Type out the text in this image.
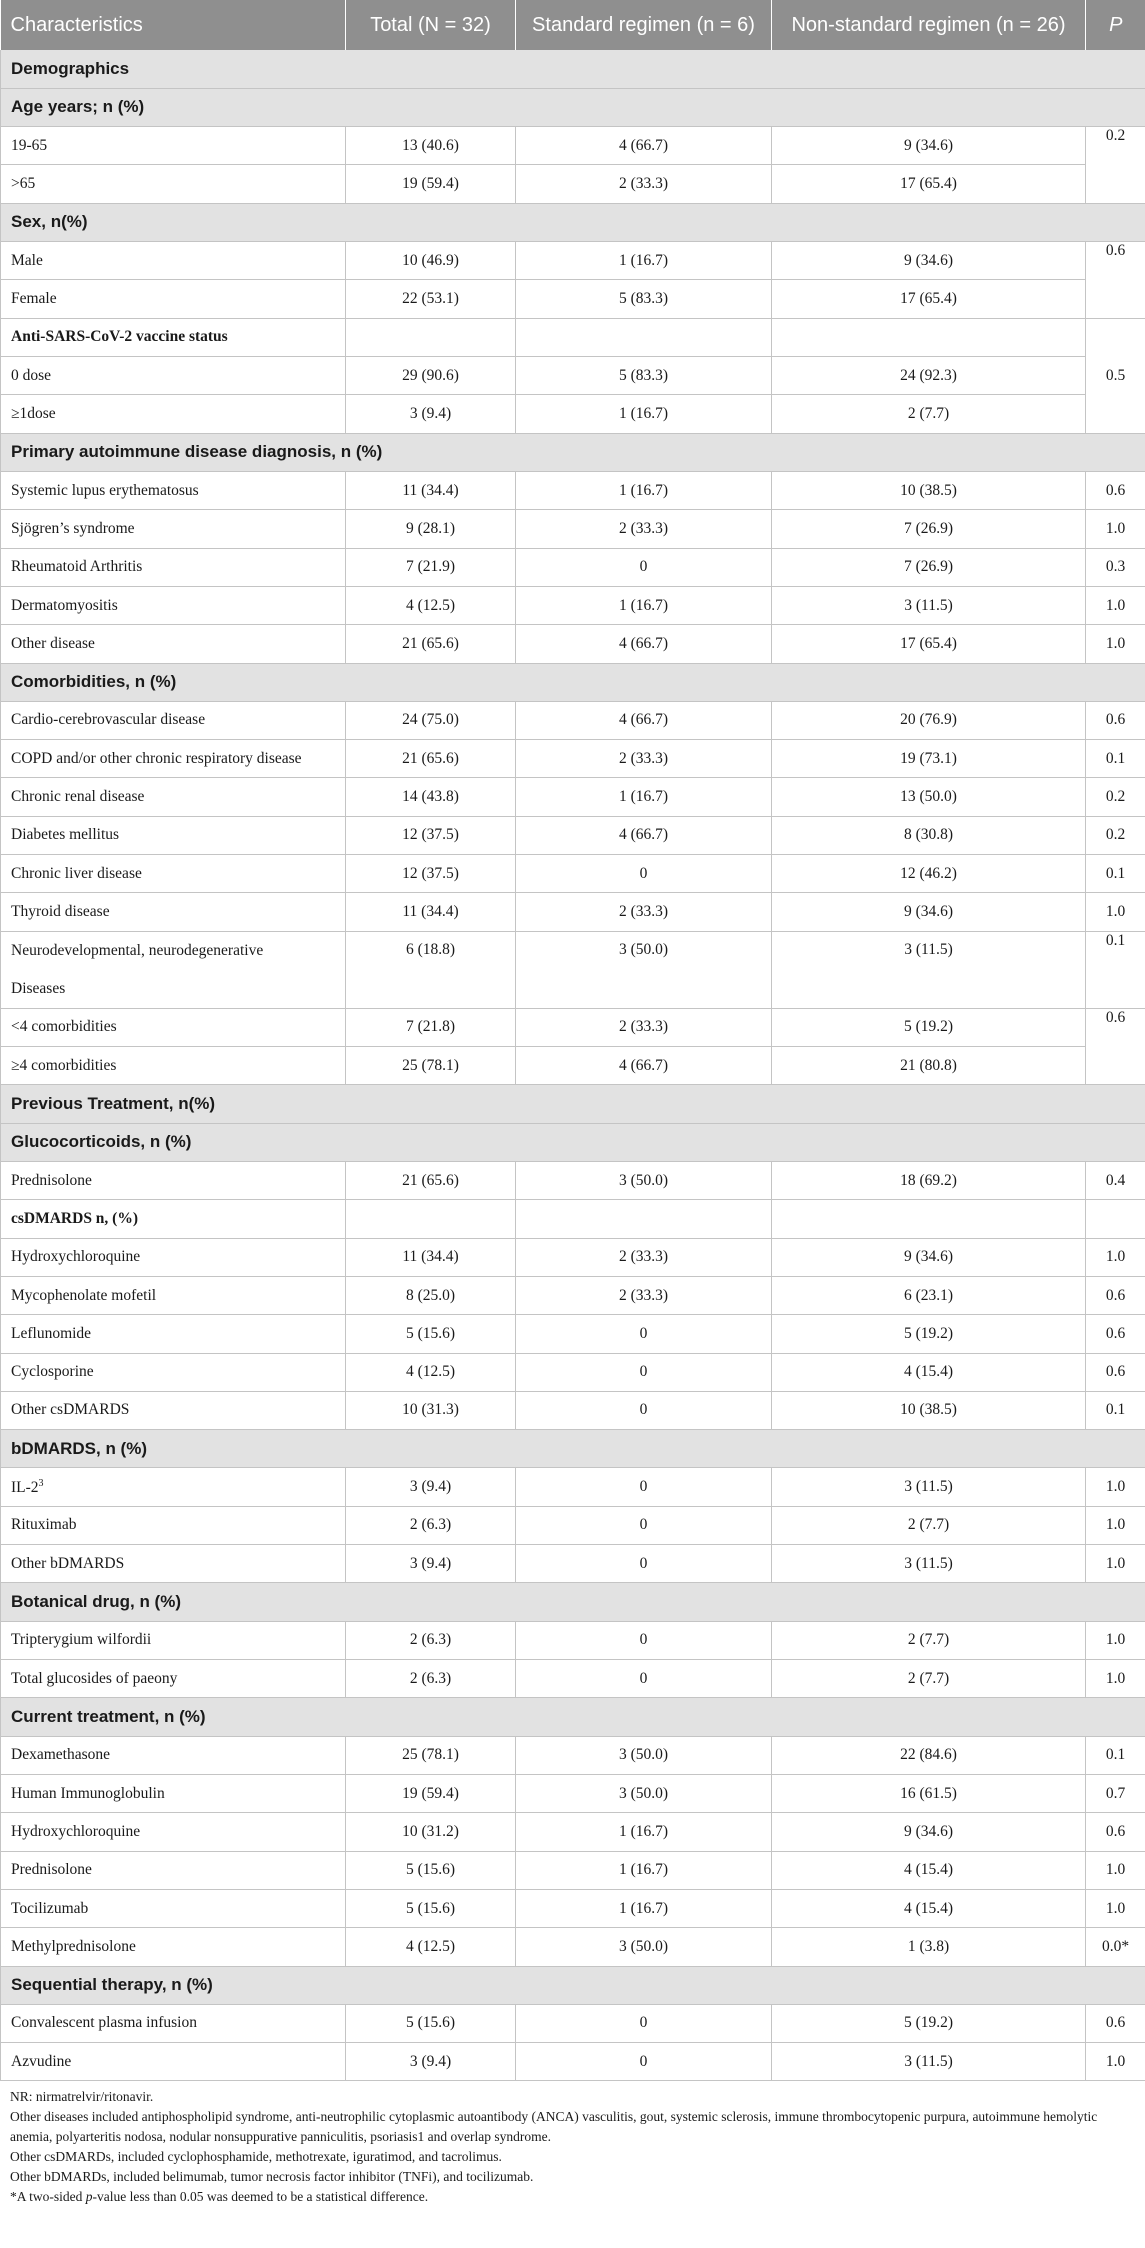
Characteristics	Total (N = 32)	Standard regimen (n = 6)	Non-standard regimen (n = 26)	P
Demographics				
Age years; n (%)				
19-65	13 (40.6)	4 (66.7)	9 (34.6)	0.2
>65	19 (59.4)	2 (33.3)	17 (65.4)	
Sex, n(%)				
Male	10 (46.9)	1 (16.7)	9 (34.6)	0.6
Female	22 (53.1)	5 (83.3)	17 (65.4)	
Anti-SARS-CoV-2 vaccine status				0.5
0 dose	29 (90.6)	5 (83.3)	24 (92.3)	
≥1dose	3 (9.4)	1 (16.7)	2 (7.7)	
Primary autoimmune disease diagnosis, n (%)				
Systemic lupus erythematosus	11 (34.4)	1 (16.7)	10 (38.5)	0.6
Sjögren’s syndrome	9 (28.1)	2 (33.3)	7 (26.9)	1.0
Rheumatoid Arthritis	7 (21.9)	0	7 (26.9)	0.3
Dermatomyositis	4 (12.5)	1 (16.7)	3 (11.5)	1.0
Other disease	21 (65.6)	4 (66.7)	17 (65.4)	1.0
Comorbidities, n (%)				
Cardio-cerebrovascular disease	24 (75.0)	4 (66.7)	20 (76.9)	0.6
COPD and/or other chronic respiratory disease	21 (65.6)	2 (33.3)	19 (73.1)	0.1
Chronic renal disease	14 (43.8)	1 (16.7)	13 (50.0)	0.2
Diabetes mellitus	12 (37.5)	4 (66.7)	8 (30.8)	0.2
Chronic liver disease	12 (37.5)	0	12 (46.2)	0.1
Thyroid disease	11 (34.4)	2 (33.3)	9 (34.6)	1.0

Neurodevelopmental, neurodegenerative
Diseases	6 (18.8)	3 (50.0)	3 (11.5)	0.1
<4 comorbidities	7 (21.8)	2 (33.3)	5 (19.2)	0.6
≥4 comorbidities	25 (78.1)	4 (66.7)	21 (80.8)	
Previous Treatment, n(%)				
Glucocorticoids, n (%)				
Prednisolone	21 (65.6)	3 (50.0)	18 (69.2)	0.4
csDMARDS n, (%)				
Hydroxychloroquine	11 (34.4)	2 (33.3)	9 (34.6)	1.0
Mycophenolate mofetil	8 (25.0)	2 (33.3)	6 (23.1)	0.6
Leflunomide	5 (15.6)	0	5 (19.2)	0.6
Cyclosporine	4 (12.5)	0	4 (15.4)	0.6
Other csDMARDS	10 (31.3)	0	10 (38.5)	0.1
bDMARDS, n (%)				
$IL-2^3$	3 (9.4)	0	3 (11.5)	1.0
Rituximab	2 (6.3)	0	2 (7.7)	1.0
Other bDMARDS	3 (9.4)	0	3 (11.5)	1.0
Botanical drug, n (%)				
Tripterygium wilfordii	2 (6.3)	0	2 (7.7)	1.0
Total glucosides of paeony	2 (6.3)	0	2 (7.7)	1.0
Current treatment, n (%)				
Dexamethasone	25 (78.1)	3 (50.0)	22 (84.6)	0.1
Human Immunoglobulin	19 (59.4)	3 (50.0)	16 (61.5)	0.7
Hydroxychloroquine	10 (31.2)	1 (16.7)	9 (34.6)	0.6
Prednisolone	5 (15.6)	1 (16.7)	4 (15.4)	1.0
Tocilizumab	5 (15.6)	1 (16.7)	4 (15.4)	1.0
Methylprednisolone	4 (12.5)	3 (50.0)	1 (3.8)	0.0*
Sequential therapy, n (%)				
Convalescent plasma infusion	5 (15.6)	0	5 (19.2)	0.6
Azvudine	3 (9.4)	0	3 (11.5)	1.0

NR: nirmatrelvir/ritonavir.

Other diseases included antiphospholipid syndrome, anti-neutrophilic cytoplasmic autoantibody (ANCA) vasculitis, gout, systemic sclerosis, immune thrombocytopenic purpura, autoimmune hemolytic anemia, polyarteritis nodosa, nodular nonsuppurative panniculitis, psoriasis1 and overlap syndrome.

Other csDMARDs, included cyclophosphamide, methotrexate, iguratimod, and tacrolimus.

Other bDMARDs, included belimumab, tumor necrosis factor inhibitor (TNFi), and tocilizumab.

*A two-sided p-value less than 0.05 was deemed to be a statistical difference.
